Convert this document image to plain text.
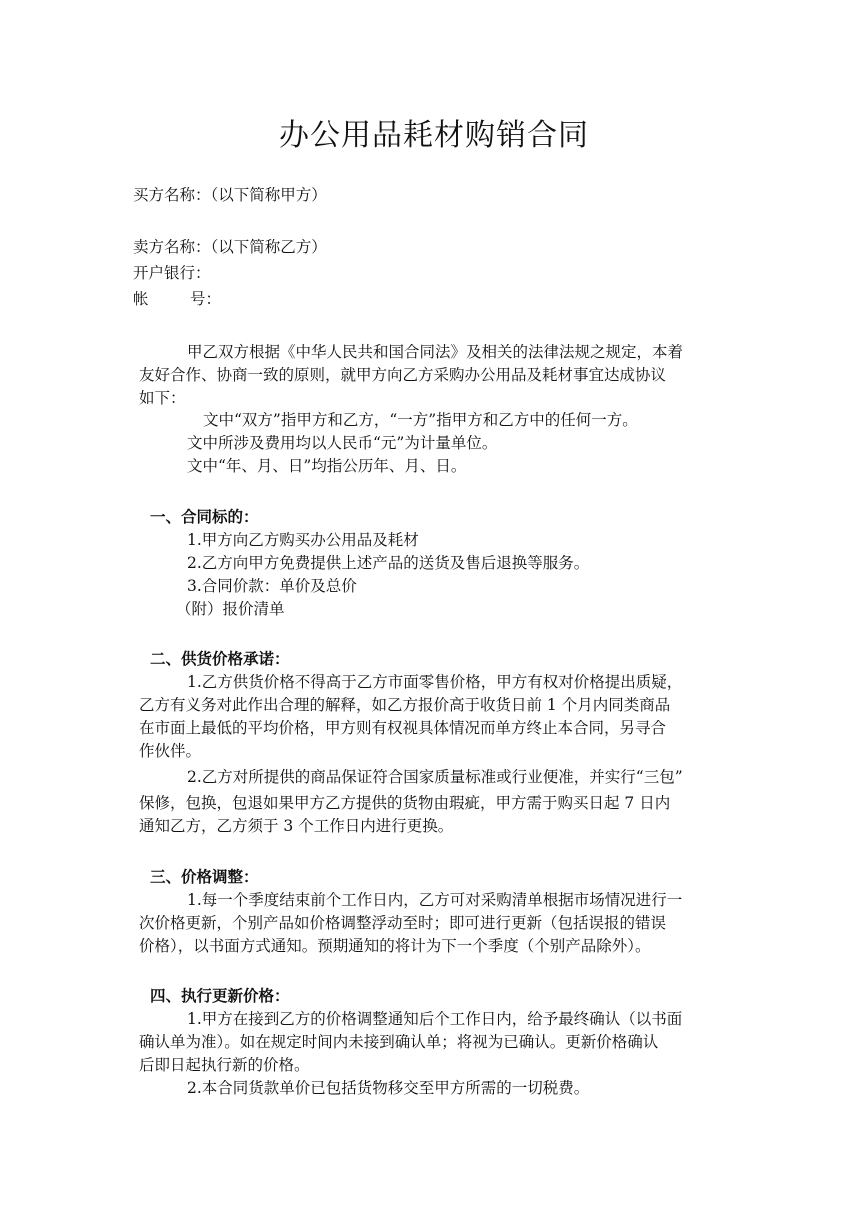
办公用品耗材购销合同
买方名称：（以下简称甲方）
卖方名称：（以下简称乙方）
开户银行：
帐	号：
甲乙双方根据《中华人民共和国合同法》及相关的法律法规之规定，本着
友好合作、协商一致的原则，就甲方向乙方采购办公用品及耗材事宜达成协议
如下：
文中“双方”指甲方和乙方，“一方”指甲方和乙方中的任何一方。
文中所涉及费用均以人民币“元”为计量单位。
文中“年、月、日”均指公历年、月、日。
一、合同标的：
1.甲方向乙方购买办公用品及耗材
2.乙方向甲方免费提供上述产品的送货及售后退换等服务。
3.合同价款：单价及总价
（附）报价清单
二、供货价格承诺：
1.乙方供货价格不得高于乙方市面零售价格，甲方有权对价格提出质疑，
乙方有义务对此作出合理的解释，如乙方报价高于收货日前 1 个月内同类商品
在市面上最低的平均价格，甲方则有权视具体情况而单方终止本合同，另寻合
作伙伴。
2.乙方对所提供的商品保证符合国家质量标准或行业便准，并实行“三包”
保修，包换，包退如果甲方乙方提供的货物由瑕疵，甲方需于购买日起 7 日内
通知乙方，乙方须于 3 个工作日内进行更换。
三、价格调整：
1.每一个季度结束前个工作日内，乙方可对采购清单根据市场情况进行一
次价格更新，个别产品如价格调整浮动至时；即可进行更新（包括误报的错误
价格），以书面方式通知。预期通知的将计为下一个季度（个别产品除外）。
四、执行更新价格：
1.甲方在接到乙方的价格调整通知后个工作日内，给予最终确认（以书面
确认单为准）。如在规定时间内未接到确认单；将视为已确认。更新价格确认
后即日起执行新的价格。
2.本合同货款单价已包括货物移交至甲方所需的一切税费。
